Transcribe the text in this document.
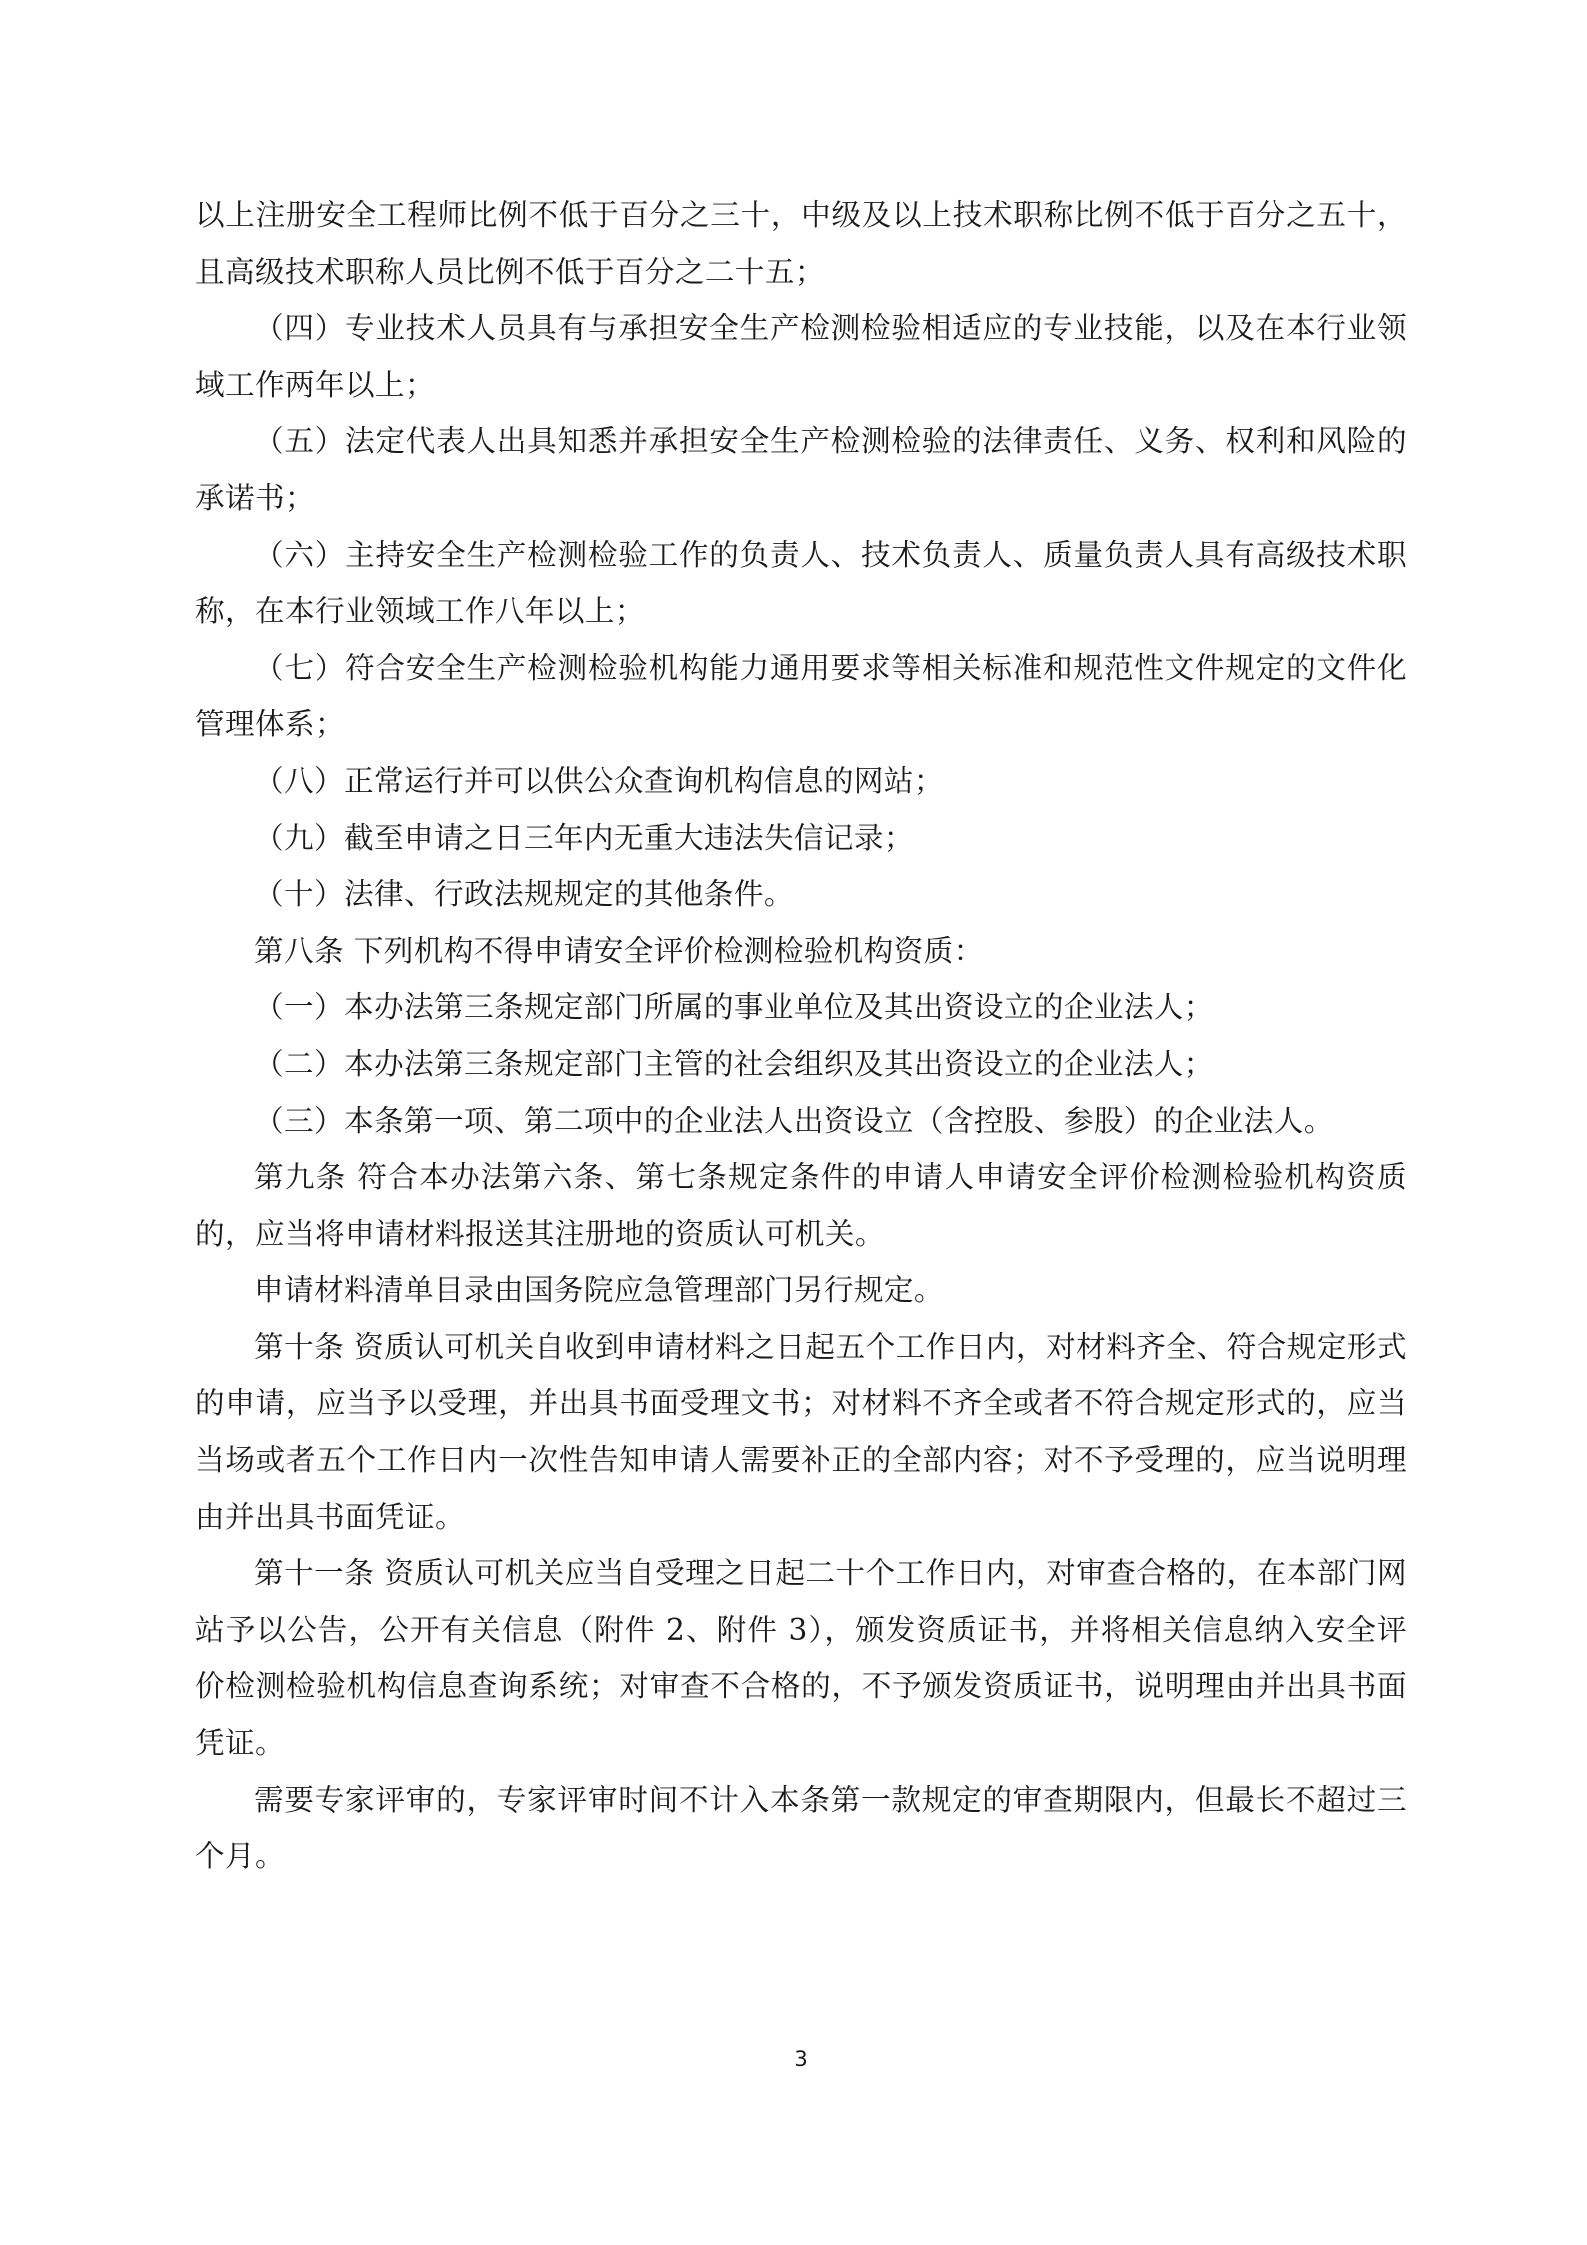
以上注册安全工程师比例不低于百分之三十，中级及以上技术职称比例不低于百分之五十，且高级技术职称人员比例不低于百分之二十五；

（四）专业技术人员具有与承担安全生产检测检验相适应的专业技能，以及在本行业领域工作两年以上；

（五）法定代表人出具知悉并承担安全生产检测检验的法律责任、义务、权利和风险的承诺书；

（六）主持安全生产检测检验工作的负责人、技术负责人、质量负责人具有高级技术职称，在本行业领域工作八年以上；

（七）符合安全生产检测检验机构能力通用要求等相关标准和规范性文件规定的文件化管理体系；

（八）正常运行并可以供公众查询机构信息的网站；

（九）截至申请之日三年内无重大违法失信记录；

（十）法律、行政法规规定的其他条件。

第八条 下列机构不得申请安全评价检测检验机构资质：

（一）本办法第三条规定部门所属的事业单位及其出资设立的企业法人；

（二）本办法第三条规定部门主管的社会组织及其出资设立的企业法人；

（三）本条第一项、第二项中的企业法人出资设立（含控股、参股）的企业法人。

第九条 符合本办法第六条、第七条规定条件的申请人申请安全评价检测检验机构资质的，应当将申请材料报送其注册地的资质认可机关。

申请材料清单目录由国务院应急管理部门另行规定。

第十条 资质认可机关自收到申请材料之日起五个工作日内，对材料齐全、符合规定形式的申请，应当予以受理，并出具书面受理文书；对材料不齐全或者不符合规定形式的，应当当场或者五个工作日内一次性告知申请人需要补正的全部内容；对不予受理的，应当说明理由并出具书面凭证。

第十一条 资质认可机关应当自受理之日起二十个工作日内，对审查合格的，在本部门网站予以公告，公开有关信息（附件 2、附件 3），颁发资质证书，并将相关信息纳入安全评价检测检验机构信息查询系统；对审查不合格的，不予颁发资质证书，说明理由并出具书面凭证。

需要专家评审的，专家评审时间不计入本条第一款规定的审查期限内，但最长不超过三个月。

3
